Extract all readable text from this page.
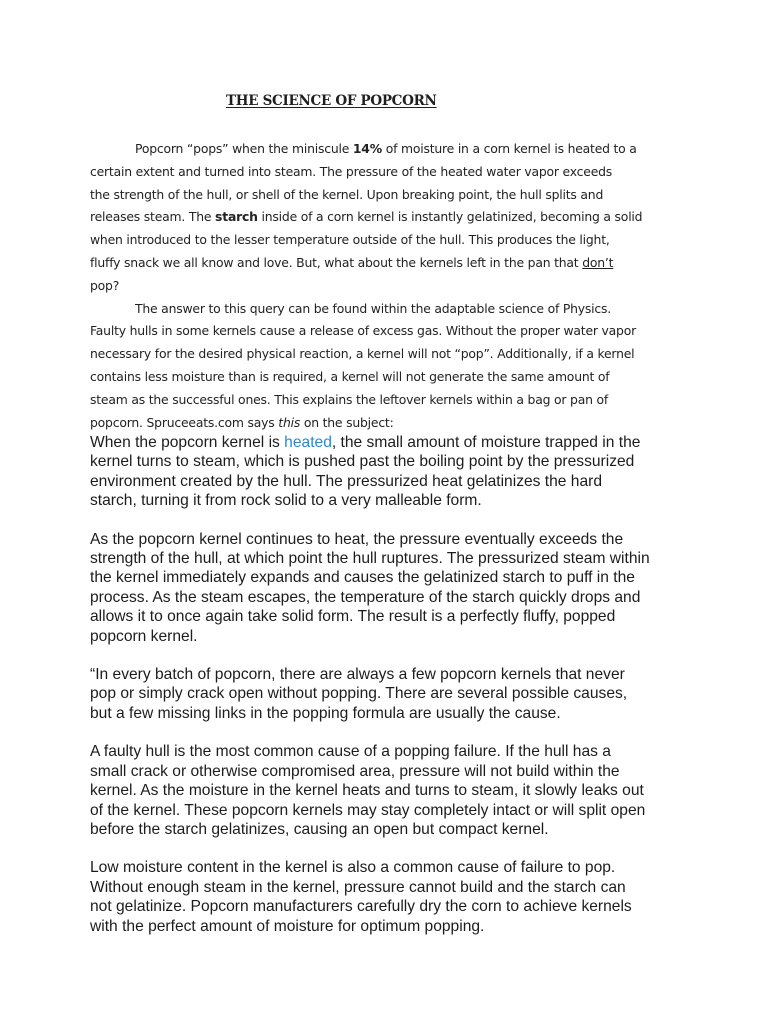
THE SCIENCE OF POPCORN

Popcorn “pops” when the miniscule 14% of moisture in a corn kernel is heated to a
certain extent and turned into steam. The pressure of the heated water vapor exceeds
the strength of the hull, or shell of the kernel. Upon breaking point, the hull splits and
releases steam. The starch inside of a corn kernel is instantly gelatinized, becoming a solid
when introduced to the lesser temperature outside of the hull. This produces the light,
fluffy snack we all know and love. But, what about the kernels left in the pan that don’t
pop?

The answer to this query can be found within the adaptable science of Physics.
Faulty hulls in some kernels cause a release of excess gas. Without the proper water vapor
necessary for the desired physical reaction, a kernel will not “pop”. Additionally, if a kernel
contains less moisture than is required, a kernel will not generate the same amount of
steam as the successful ones. This explains the leftover kernels within a bag or pan of
popcorn. Spruceeats.com says this on the subject:

When the popcorn kernel is heated, the small amount of moisture trapped in the
kernel turns to steam, which is pushed past the boiling point by the pressurized
environment created by the hull. The pressurized heat gelatinizes the hard
starch, turning it from rock solid to a very malleable form.

As the popcorn kernel continues to heat, the pressure eventually exceeds the
strength of the hull, at which point the hull ruptures. The pressurized steam within
the kernel immediately expands and causes the gelatinized starch to puff in the
process. As the steam escapes, the temperature of the starch quickly drops and
allows it to once again take solid form. The result is a perfectly fluffy, popped
popcorn kernel.

“In every batch of popcorn, there are always a few popcorn kernels that never
pop or simply crack open without popping. There are several possible causes,
but a few missing links in the popping formula are usually the cause.

A faulty hull is the most common cause of a popping failure. If the hull has a
small crack or otherwise compromised area, pressure will not build within the
kernel. As the moisture in the kernel heats and turns to steam, it slowly leaks out
of the kernel. These popcorn kernels may stay completely intact or will split open
before the starch gelatinizes, causing an open but compact kernel.

Low moisture content in the kernel is also a common cause of failure to pop.
Without enough steam in the kernel, pressure cannot build and the starch can
not gelatinize. Popcorn manufacturers carefully dry the corn to achieve kernels
with the perfect amount of moisture for optimum popping.
